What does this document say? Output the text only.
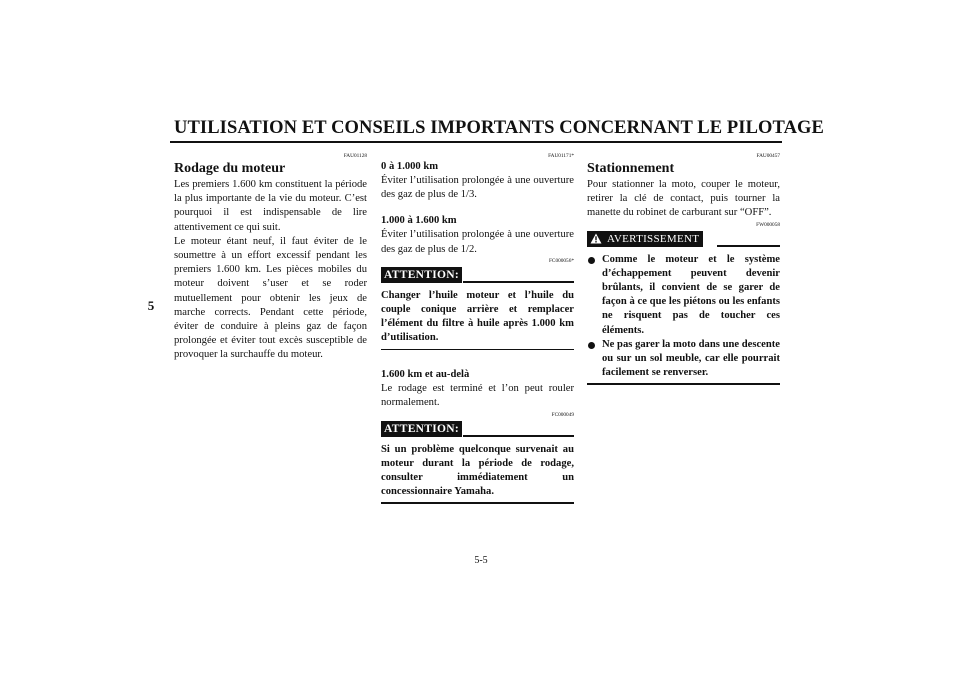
UTILISATION ET CONSEILS IMPORTANTS CONCERNANT LE PILOTAGE
5
FAU01128
Rodage du moteur

Les premiers 1.600 km constituent la période la plus importante de la vie du moteur. C’est pourquoi il est indispensable de lire attentivement ce qui suit.

Le moteur étant neuf, il faut éviter de le soumettre à un effort excessif pendant les premiers 1.600 km. Les pièces mobiles du moteur doivent s’user et se roder mutuellement pour obtenir les jeux de marche corrects. Pendant cette période, éviter de conduire à pleins gaz de façon prolongée et éviter tout excès susceptible de provoquer la surchauffe du moteur.

FAU01171*
0 à 1.000 km

Éviter l’utilisation prolongée à une ouverture des gaz de plus de 1/3.

1.000 à 1.600 km

Éviter l’utilisation prolongée à une ouverture des gaz de plus de 1/2.

FC000056*
ATTENTION:

Changer l’huile moteur et l’huile du couple conique arrière et remplacer l’élément du filtre à huile après 1.000 km d’utilisation.

1.600 km et au-delà

Le rodage est terminé et l’on peut rouler normalement.

FC000049
ATTENTION:

Si un problème quelconque survenait au moteur durant la période de rodage, consulter immédiatement un concessionnaire Yamaha.

FAU00457
Stationnement

Pour stationner la moto, couper le moteur, retirer la clé de contact, puis tourner la manette du robinet de carburant sur “OFF”.

FW000058
AVERTISSEMENT
Comme le moteur et le système d’échappement peuvent devenir brûlants, il convient de se garer de façon à ce que les piétons ou les enfants ne risquent pas de toucher ces éléments.
Ne pas garer la moto dans une descente ou sur un sol meuble, car elle pourrait facilement se renverser.
5-5
